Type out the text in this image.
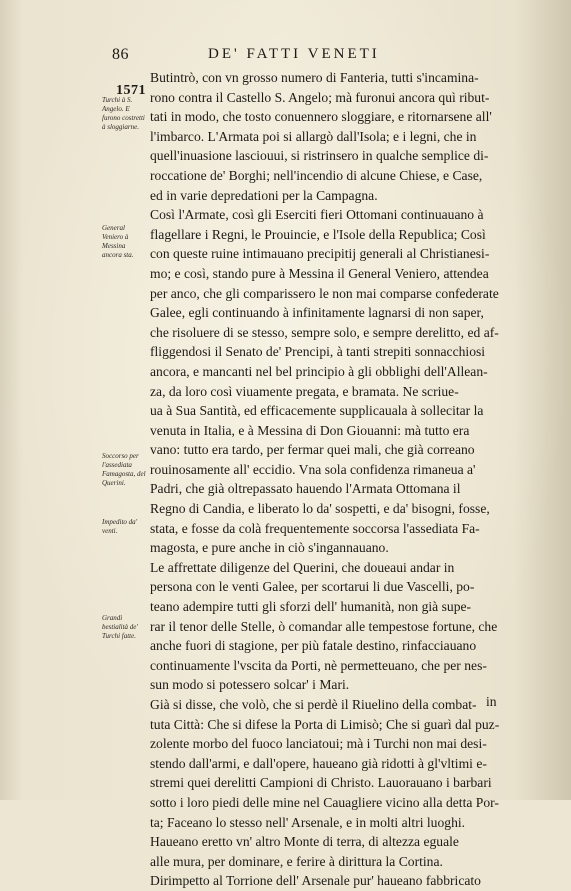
86	DE' FATTI VENETI
1571
Turchi à S. Angelo. E furono costretti à sloggiarne.
General Veniero à Messina ancora sta.
Soccorso per l'assediata Famagosta, del Querini.
Impedito da' venti.
Grandi bestialità de' Turchi fatte.
Butintrò, con vn grosso numero di Fanteria, tutti s'incamina-
rono contra il Castello S. Angelo; mà furonui ancora quì ribut-
tati in modo, che tosto conuennero sloggiare, e ritornarsene all'
l'imbarco. L'Armata poi si allargò dall'Isola; e i legni, che in
quell'inuasione lasciouui, si ristrinsero in qualche semplice di-
roccatione de' Borghi; nell'incendio di alcune Chiese, e Case,
ed in varie depredationi per la Campagna.
Così l'Armate, così gli Eserciti fieri Ottomani continuauano à
flagellare i Regni, le Prouincie, e l'Isole della Republica; Così
con queste ruine intimauano precipitij generali al Christianesi-
mo; e così, stando pure à Messina il General Veniero, attendea
per anco, che gli comparissero le non mai comparse confederate
Galee, egli continuando à infinitamente lagnarsi di non saper,
che risoluere di se stesso, sempre solo, e sempre derelitto, ed af-
fliggendosi il Senato de' Prencipi, à tanti strepiti sonnacchiosi
ancora, e mancanti nel bel principio à gli obblighi dell'Allean-
za, da loro così viuamente pregata, e bramata. Ne scriue-
ua à Sua Santità, ed efficacemente supplicauala à sollecitar la
venuta in Italia, e à Messina di Don Giouanni: mà tutto era
vano: tutto era tardo, per fermar quei mali, che già correano
rouinosamente all' eccidio. Vna sola confidenza rimaneua a'
Padri, che già oltrepassato hauendo l'Armata Ottomana il
Regno di Candia, e liberato lo da' sospetti, e da' bisogni, fosse,
stata, e fosse da colà frequentemente soccorsa l'assediata Fa-
magosta, e pure anche in ciò s'ingannauano.
Le affrettate diligenze del Querini, che doueaui andar in
persona con le venti Galee, per scortarui li due Vascelli, po-
teano adempire tutti gli sforzi dell' humanità, non già supe-
rar il tenor delle Stelle, ò comandar alle tempestose fortune, che
anche fuori di stagione, per più fatale destino, rinfacciauano
continuamente l'vscita da Porti, nè permetteuano, che per nes-
sun modo si potessero solcar' i Mari.
Già si disse, che volò, che si perdè il Riuelino della combat-
tuta Città: Che si difese la Porta di Limisò; Che si guarì dal puz-
zolente morbo del fuoco lanciatoui; mà i Turchi non mai desi-
stendo dall'armi, e dall'opere, haueano già ridotti à gl'vltimi e-
stremi quei derelitti Campioni di Christo. Lauorauano i barbari
sotto i loro piedi delle mine nel Cauagliere vicino alla detta Por-
ta; Faceano lo stesso nell' Arsenale, e in molti altri luoghi.
Haueano eretto vn' altro Monte di terra, di altezza eguale
alle mura, per dominare, e ferire à dirittura la Cortina.
Dirimpetto al Torrione dell' Arsenale pur' haueano fabbricato
in
